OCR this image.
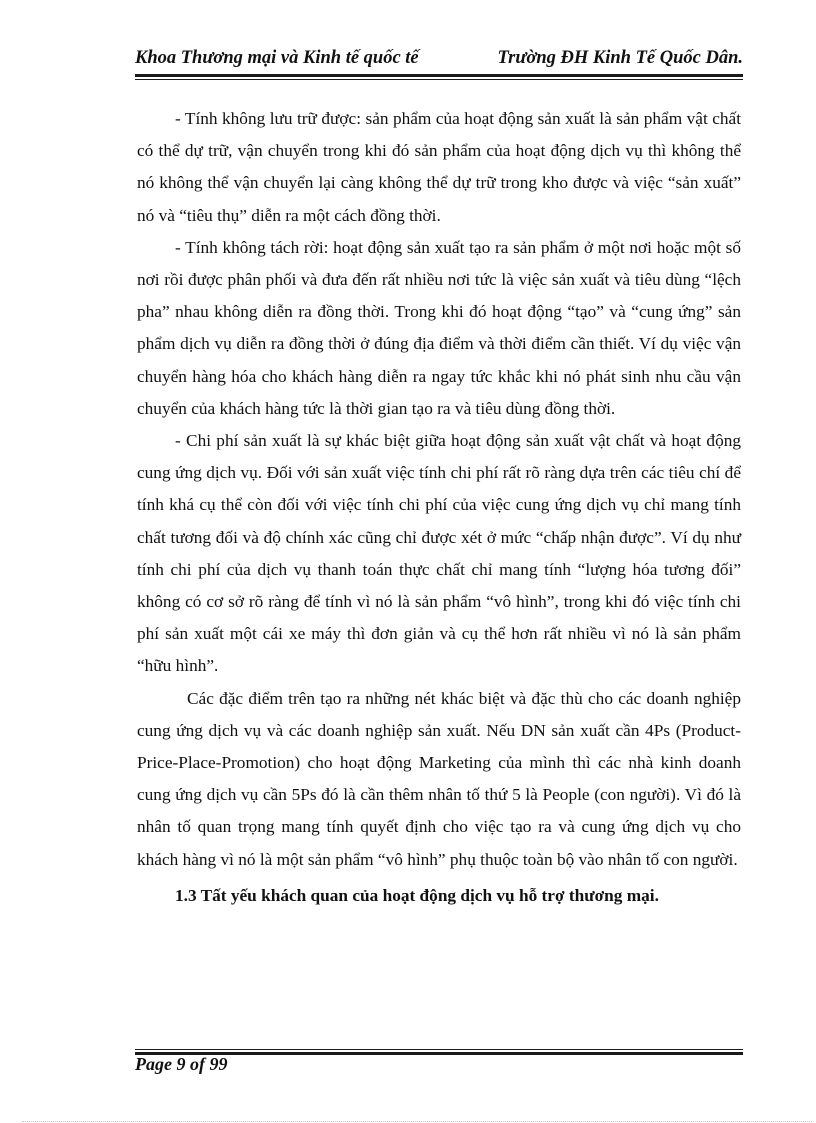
Khoa Thương mại và Kinh tế quốc tế	Trường ĐH Kinh Tế Quốc Dân.

- Tính không lưu trữ được: sản phẩm của hoạt động sản xuất là sản phẩm vật chất có thể dự trữ, vận chuyển trong khi đó sản phẩm của hoạt động dịch vụ thì không thể nó không thể vận chuyển lại càng không thể dự trữ trong kho được và việc “sản xuất” nó và “tiêu thụ” diễn ra một cách đồng thời.

- Tính không tách rời: hoạt động sản xuất tạo ra sản phẩm ở một nơi hoặc một số nơi rồi được phân phối và đưa đến rất nhiều nơi tức là việc sản xuất và tiêu dùng “lệch pha” nhau không diễn ra đồng thời. Trong khi đó hoạt động “tạo” và “cung ứng” sản phẩm dịch vụ diễn ra đồng thời ở đúng địa điểm và thời điểm cần thiết. Ví dụ việc vận chuyển hàng hóa cho khách hàng diễn ra ngay tức khắc khi nó phát sinh nhu cầu vận chuyển của khách hàng tức là thời gian tạo ra và tiêu dùng đồng thời.

- Chi phí sản xuất là sự khác biệt giữa hoạt động sản xuất vật chất và hoạt động cung ứng dịch vụ. Đối với sản xuất việc tính chi phí rất rõ ràng dựa trên các tiêu chí để tính khá cụ thể còn đối với việc tính chi phí của việc cung ứng dịch vụ chỉ mang tính chất tương đối và độ chính xác cũng chỉ được xét ở mức “chấp nhận được”. Ví dụ như tính chi phí của dịch vụ thanh toán thực chất chỉ mang tính “lượng hóa tương đối” không có cơ sở rõ ràng để tính vì nó là sản phẩm “vô hình”, trong khi đó việc tính chi phí sản xuất một cái xe máy thì đơn giản và cụ thể hơn rất nhiều vì nó là sản phẩm “hữu hình”.

Các đặc điểm trên tạo ra những nét khác biệt và đặc thù cho các doanh nghiệp cung ứng dịch vụ và các doanh nghiệp sản xuất. Nếu DN sản xuất cần 4Ps (Product-Price-Place-Promotion) cho hoạt động Marketing của mình thì các nhà kinh doanh cung ứng dịch vụ cần 5Ps đó là cần thêm nhân tố thứ 5 là People (con người). Vì đó là nhân tố quan trọng mang tính quyết định cho việc tạo ra và cung ứng dịch vụ cho khách hàng vì nó là một sản phẩm “vô hình” phụ thuộc toàn bộ vào nhân tố con người.

1.3 Tất yếu khách quan của hoạt động dịch vụ hỗ trợ thương mại.

Page 9 of 99
